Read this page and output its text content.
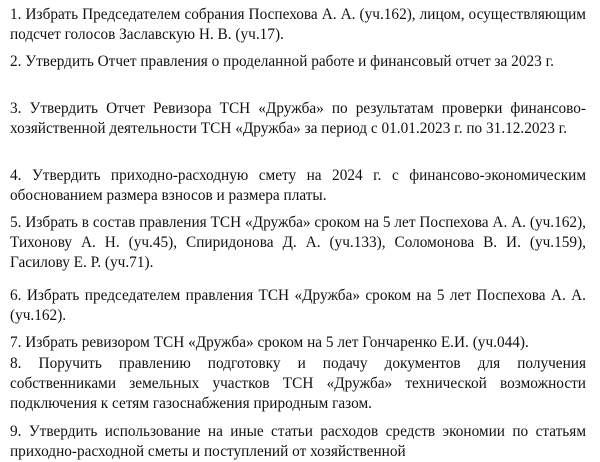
1. Избрать Председателем собрания Поспехова А. А. (уч.162), лицом, осуществляющим подсчет голосов Заславскую Н. В. (уч.17).

2. Утвердить Отчет правления о проделанной работе и финансовый отчет за 2023 г.

3. Утвердить Отчет Ревизора ТСН «Дружба» по результатам проверки финансово-хозяйственной деятельности ТСН «Дружба» за период с 01.01.2023 г. по 31.12.2023 г.

4. Утвердить приходно-расходную смету на 2024 г. с финансово-экономическим обоснованием размера взносов и размера платы.

5. Избрать в состав правления ТСН «Дружба» сроком на 5 лет Поспехова А. А. (уч.162), Тихонову А. Н. (уч.45), Спиридонова Д. А. (уч.133), Соломонова В. И. (уч.159), Гасилову Е. Р. (уч.71).

6. Избрать председателем правления ТСН «Дружба» сроком на 5 лет Поспехова А. А. (уч.162).

7. Избрать ревизором ТСН «Дружба» сроком на 5 лет Гончаренко Е.И. (уч.044).

8. Поручить правлению подготовку и подачу документов для получения собственниками земельных участков ТСН «Дружба» технической возможности подключения к сетям газоснабжения природным газом.

9. Утвердить использование на иные статьи расходов средств экономии по статьям приходно-расходной сметы и поступлений от хозяйственной
